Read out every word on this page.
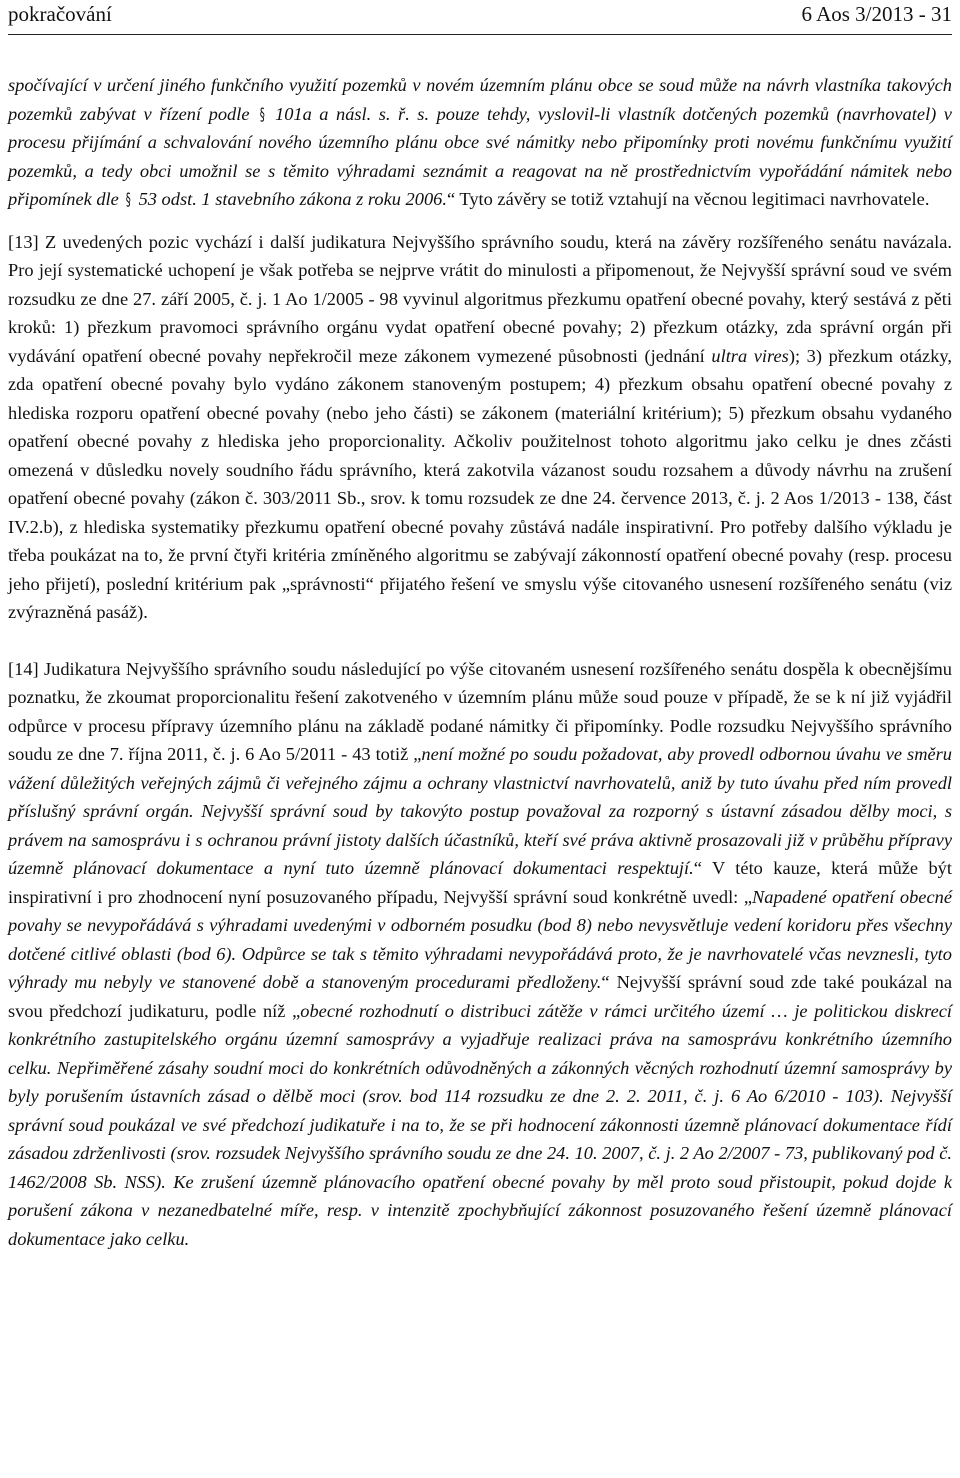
pokračování	6 Aos 3/2013 - 31

spočívající v určení jiného funkčního využití pozemků v novém územním plánu obce se soud může na návrh vlastníka takových pozemků zabývat v řízení podle § 101a a násl. s. ř. s. pouze tehdy, vyslovil-li vlastník dotčených pozemků (navrhovatel) v procesu přijímání a schvalování nového územního plánu obce své námitky nebo připomínky proti novému funkčnímu využití pozemků, a tedy obci umožnil se s těmito výhradami seznámit a reagovat na ně prostřednictvím vypořádání námitek nebo připomínek dle § 53 odst. 1 stavebního zákona z roku 2006.“ Tyto závěry se totiž vztahují na věcnou legitimaci navrhovatele.

[13] Z uvedených pozic vychází i další judikatura Nejvyššího správního soudu, která na závěry rozšířeného senátu navázala. Pro její systematické uchopení je však potřeba se nejprve vrátit do minulosti a připomenout, že Nejvyšší správní soud ve svém rozsudku ze dne 27. září 2005, č. j. 1 Ao 1/2005 - 98 vyvinul algoritmus přezkumu opatření obecné povahy, který sestává z pěti kroků: 1) přezkum pravomoci správního orgánu vydat opatření obecné povahy; 2) přezkum otázky, zda správní orgán při vydávání opatření obecné povahy nepřekročil meze zákonem vymezené působnosti (jednání ultra vires); 3) přezkum otázky, zda opatření obecné povahy bylo vydáno zákonem stanoveným postupem; 4) přezkum obsahu opatření obecné povahy z hlediska rozporu opatření obecné povahy (nebo jeho části) se zákonem (materiální kritérium); 5) přezkum obsahu vydaného opatření obecné povahy z hlediska jeho proporcionality. Ačkoliv použitelnost tohoto algoritmu jako celku je dnes zčásti omezená v důsledku novely soudního řádu správního, která zakotvila vázanost soudu rozsahem a důvody návrhu na zrušení opatření obecné povahy (zákon č. 303/2011 Sb., srov. k tomu rozsudek ze dne 24. července 2013, č. j. 2 Aos 1/2013 - 138, část IV.2.b), z hlediska systematiky přezkumu opatření obecné povahy zůstává nadále inspirativní. Pro potřeby dalšího výkladu je třeba poukázat na to, že první čtyři kritéria zmíněného algoritmu se zabývají zákonností opatření obecné povahy (resp. procesu jeho přijetí), poslední kritérium pak „správnosti“ přijatého řešení ve smyslu výše citovaného usnesení rozšířeného senátu (viz zvýrazněná pasáž).

[14] Judikatura Nejvyššího správního soudu následující po výše citovaném usnesení rozšířeného senátu dospěla k obecnějšímu poznatku, že zkoumat proporcionalitu řešení zakotveného v územním plánu může soud pouze v případě, že se k ní již vyjádřil odpůrce v procesu přípravy územního plánu na základě podané námitky či připomínky. Podle rozsudku Nejvyššího správního soudu ze dne 7. října 2011, č. j. 6 Ao 5/2011 - 43 totiž „není možné po soudu požadovat, aby provedl odbornou úvahu ve směru vážení důležitých veřejných zájmů či veřejného zájmu a ochrany vlastnictví navrhovatelů, aniž by tuto úvahu před ním provedl příslušný správní orgán. Nejvyšší správní soud by takovýto postup považoval za rozporný s ústavní zásadou dělby moci, s právem na samosprávu i s ochranou právní jistoty dalších účastníků, kteří své práva aktivně prosazovali již v průběhu přípravy územně plánovací dokumentace a nyní tuto územně plánovací dokumentaci respektují.“ V této kauze, která může být inspirativní i pro zhodnocení nyní posuzovaného případu, Nejvyšší správní soud konkrétně uvedl: „Napadené opatření obecné povahy se nevypořádává s výhradami uvedenými v odborném posudku (bod 8) nebo nevysvětluje vedení koridoru přes všechny dotčené citlivé oblasti (bod 6). Odpůrce se tak s těmito výhradami nevypořádává proto, že je navrhovatelé včas nevznesli, tyto výhrady mu nebyly ve stanovené době a stanoveným procedurami předloženy.“ Nejvyšší správní soud zde také poukázal na svou předchozí judikaturu, podle níž „obecné rozhodnutí o distribuci zátěže v rámci určitého území … je politickou diskrecí konkrétního zastupitelského orgánu územní samosprávy a vyjadřuje realizaci práva na samosprávu konkrétního územního celku. Nepřiměřené zásahy soudní moci do konkrétních odůvodněných a zákonných věcných rozhodnutí územní samosprávy by byly porušením ústavních zásad o dělbě moci (srov. bod 114 rozsudku ze dne 2. 2. 2011, č. j. 6 Ao 6/2010 - 103). Nejvyšší správní soud poukázal ve své předchozí judikatuře i na to, že se při hodnocení zákonnosti územně plánovací dokumentace řídí zásadou zdrženlivosti (srov. rozsudek Nejvyššího správního soudu ze dne 24. 10. 2007, č. j. 2 Ao 2/2007 - 73, publikovaný pod č. 1462/2008 Sb. NSS). Ke zrušení územně plánovacího opatření obecné povahy by měl proto soud přistoupit, pokud dojde k porušení zákona v nezanedbatelné míře, resp. v intenzitě zpochybňující zákonnost posuzovaného řešení územně plánovací dokumentace jako celku.
